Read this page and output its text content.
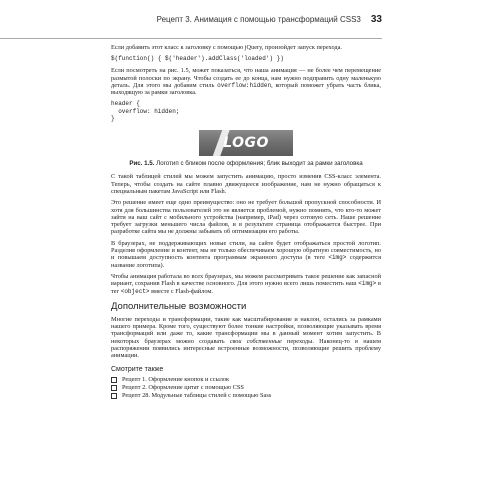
Рецепт 3. Анимация с помощью трансформаций CSS3 33

Если добавить этот класс к заголовку с помощью jQuery, произойдет запуск перехода.

$(function() { $('header').addClass('loaded') })

Если посмотреть на рис. 1.5, может показаться, что наша анимация — не более чем перемещение размытой полоски по экрану. Чтобы создать ее до конца, нам нужно подправить одну маленькую деталь. Для этого мы добавим стиль overflow:hidden, который поможет убрать часть блика, выходящую за рамки заголовка.

header {
overflow: hidden;
}
LOGO
Рис. 1.5. Логотип с бликом после оформления; блик выходит за рамки заголовка

С такой таблицей стилей мы можем запустить анимацию, просто изменив CSS-класс элемента. Теперь, чтобы создать на сайте плавно движущееся изображение, нам не нужно обращаться к специальным пакетам JavaScript или Flash.

Это решение имеет еще одно преимущество: оно не требует большой пропускной способности. И хотя для большинства пользователей это не является проблемой, нужно помнить, что кто-то может зайти на ваш сайт с мобильного устройства (например, iPad) через сотовую сеть. Наше решение требует загрузки меньшего числа файлов, и в результате страница отображается быстрее. При разработке сайта мы не должны забывать об оптимизации его работы.

В браузерах, не поддерживающих новые стили, на сайте будет отображаться простой логотип. Разделив оформление и контент, мы не только обеспечиваем хорошую обратную совместимость, но и повышаем доступность контента программам экранного доступа (в теге <img> содержится название логотипа).

Чтобы анимация работала во всех браузерах, мы можем рассматривать такое решение как запасной вариант, сохранив Flash в качестве основного. Для этого нужно всего лишь поместить наш <img> в тег <object> вместе с Flash-файлом.

Дополнительные возможности

Многие переходы и трансформации, такие как масштабирование и наклон, остались за рамками нашего примера. Кроме того, существуют более тонкие настройки, позволяющие указывать время трансформаций или даже то, какие трансформации мы в данный момент хотим запустить. В некоторых браузерах можно создавать свои собственные переходы. Наконец-то в нашем распоряжении появились интересные встроенные возможности, позволяющие решить проблему анимации.

Смотрите также
Рецепт 1. Оформление кнопок и ссылок
Рецепт 2. Оформление цитат с помощью CSS
Рецепт 28. Модульные таблицы стилей с помощью Sass
